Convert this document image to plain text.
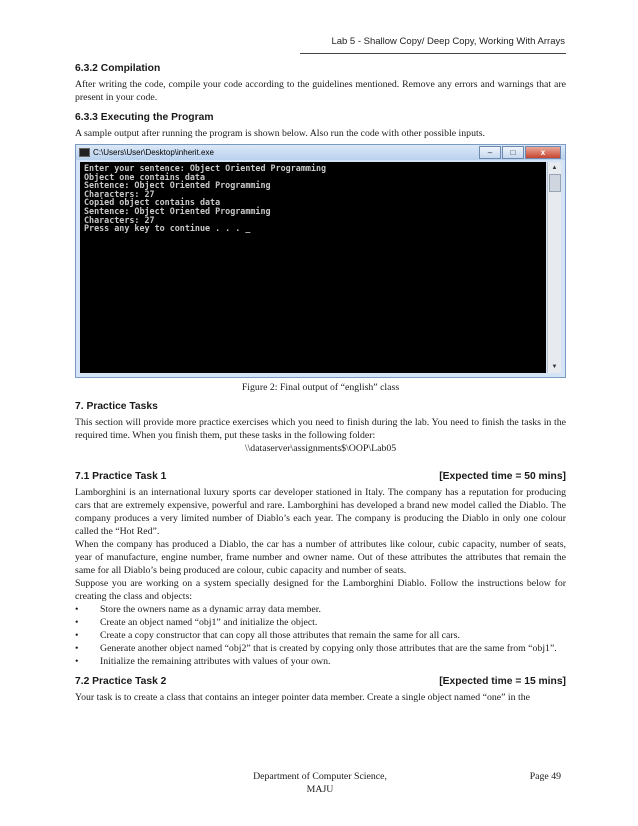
Lab 5 - Shallow Copy/ Deep Copy, Working With Arrays
6.3.2 Compilation

After writing the code, compile your code according to the guidelines mentioned. Remove any errors and warnings that are present in your code.

6.3.3 Executing the Program

A sample output after running the program is shown below. Also run the code with other possible inputs.

C:\Users\User\Desktop\inherit.exe	–	□	x
Enter your sentence: Object Oriented Programming
Object one contains data
Sentence: Object Oriented Programming
Characters: 27
Copied object contains data
Sentence: Object Oriented Programming
Characters: 27
Press any key to continue . . . _
▲
▼
Figure 2: Final output of “english” class
7. Practice Tasks

This section will provide more practice exercises which you need to finish during the lab. You need to finish the tasks in the required time. When you finish them, put these tasks in the following folder:

\\dataserver\assignments$\OOP\Lab05

7.1 Practice Task 1	[Expected time = 50 mins]

Lamborghini is an international luxury sports car developer stationed in Italy. The company has a reputation for producing cars that are extremely expensive, powerful and rare. Lamborghini has developed a brand new model called the Diablo. The company produces a very limited number of Diablo’s each year. The company is producing the Diablo in only one colour called the “Hot Red”.

When the company has produced a Diablo, the car has a number of attributes like colour, cubic capacity, number of seats, year of manufacture, engine number, frame number and owner name. Out of these attributes the attributes that remain the same for all Diablo’s being produced are colour, cubic capacity and number of seats.

Suppose you are working on a system specially designed for the Lamborghini Diablo. Follow the instructions below for creating the class and objects:

• Store the owners name as a dynamic array data member.
• Create an object named “obj1” and initialize the object.
• Create a copy constructor that can copy all those attributes that remain the same for all cars.
• Generate another object named “obj2” that is created by copying only those attributes that are the same from “obj1”.
• Initialize the remaining attributes with values of your own.
7.2 Practice Task 2	[Expected time = 15 mins]

Your task is to create a class that contains an integer pointer data member. Create a single object named “one” in the

Department of Computer Science, MAJU
Page 49
